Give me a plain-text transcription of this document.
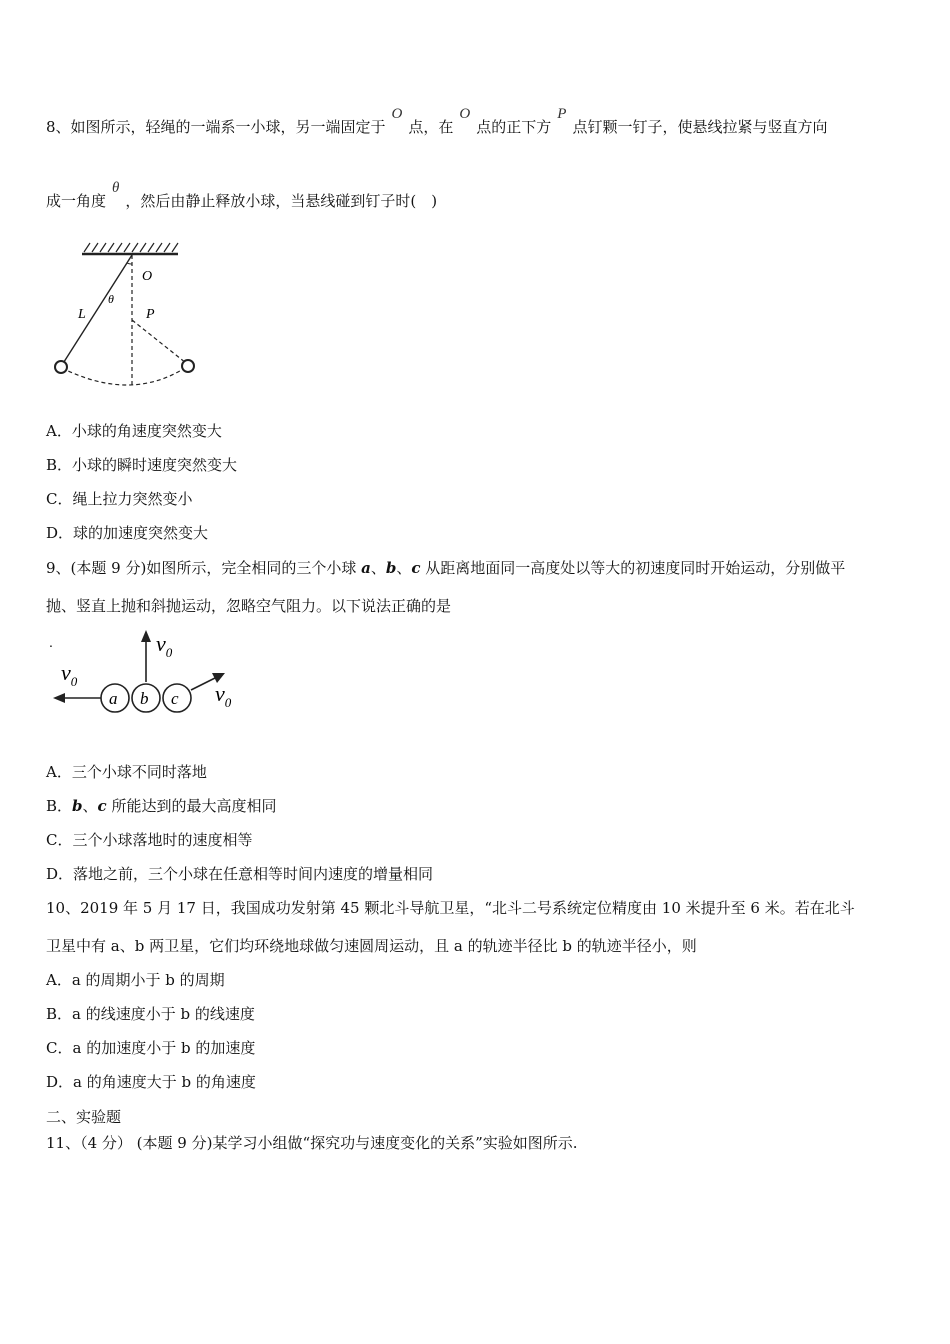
8、如图所示，轻绳的一端系一小球，另一端固定于O点，在O点的正下方P点钉颗一钉子，使悬线拉紧与竖直方向
成一角度θ，然后由静止释放小球，当悬线碰到钉子时(　)
O
P
L
θ
A．小球的角速度突然变大
B．小球的瞬时速度突然变大
C．绳上拉力突然变小
D．球的加速度突然变大
9、(本题 9 分)如图所示，完全相同的三个小球 a、b、c 从距离地面同一高度处以等大的初速度同时开始运动，分别做平
抛、竖直上抛和斜抛运动，忽略空气阻力。以下说法正确的是
·
$v_0$
$v_0$
$v_0$
a b c
A．三个小球不同时落地
B．b、c 所能达到的最大高度相同
C．三个小球落地时的速度相等
D．落地之前，三个小球在任意相等时间内速度的增量相同
10、2019 年 5 月 17 日，我国成功发射第 45 颗北斗导航卫星，“北斗二号系统定位精度由 10 米提升至 6 米。若在北斗
卫星中有 a、b 两卫星，它们均环绕地球做匀速圆周运动，且 a 的轨迹半径比 b 的轨迹半径小，则
A．a 的周期小于 b 的周期
B．a 的线速度小于 b 的线速度
C．a 的加速度小于 b 的加速度
D．a 的角速度大于 b 的角速度
二、实验题
11、（4 分） (本题 9 分)某学习小组做“探究功与速度变化的关系”实验如图所示.
